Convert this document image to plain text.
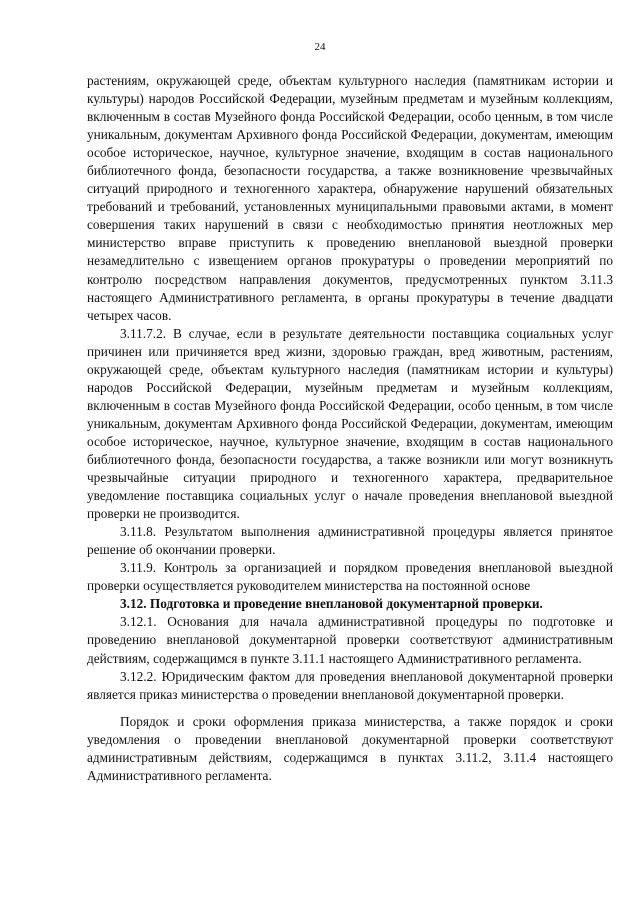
24

растениям, окружающей среде, объектам культурного наследия (памятникам истории и культуры) народов Российской Федерации, музейным предметам и музейным коллекциям, включенным в состав Музейного фонда Российской Федерации, особо ценным, в том числе уникальным, документам Архивного фонда Российской Федерации, документам, имеющим особое историческое, научное, культурное значение, входящим в состав национального библиотечного фонда, безопасности государства, а также возникновение чрезвычайных ситуаций природного и техногенного характера, обнаружение нарушений обязательных требований и требований, установленных муниципальными правовыми актами, в момент совершения таких нарушений в связи с необходимостью принятия неотложных мер министерство вправе приступить к проведению внеплановой выездной проверки незамедлительно с извещением органов прокуратуры о проведении мероприятий по контролю посредством направления документов, предусмотренных пунктом 3.11.3 настоящего Административного регламента, в органы прокуратуры в течение двадцати четырех часов.

3.11.7.2. В случае, если в результате деятельности поставщика социальных услуг причинен или причиняется вред жизни, здоровью граждан, вред животным, растениям, окружающей среде, объектам культурного наследия (памятникам истории и культуры) народов Российской Федерации, музейным предметам и музейным коллекциям, включенным в состав Музейного фонда Российской Федерации, особо ценным, в том числе уникальным, документам Архивного фонда Российской Федерации, документам, имеющим особое историческое, научное, культурное значение, входящим в состав национального библиотечного фонда, безопасности государства, а также возникли или могут возникнуть чрезвычайные ситуации природного и техногенного характера, предварительное уведомление поставщика социальных услуг о начале проведения внеплановой выездной проверки не производится.

3.11.8. Результатом выполнения административной процедуры является принятое решение об окончании проверки.

3.11.9. Контроль за организацией и порядком проведения внеплановой выездной проверки осуществляется руководителем министерства на постоянной основе

3.12. Подготовка и проведение внеплановой документарной проверки.

3.12.1. Основания для начала административной процедуры по подготовке и проведению внеплановой документарной проверки соответствуют административным действиям, содержащимся в пункте 3.11.1 настоящего Административного регламента.

3.12.2. Юридическим фактом для проведения внеплановой документарной проверки является приказ министерства о проведении внеплановой документарной проверки.

Порядок и сроки оформления приказа министерства, а также порядок и сроки уведомления о проведении внеплановой документарной проверки соответствуют административным действиям, содержащимся в пунктах 3.11.2, 3.11.4 настоящего Административного регламента.
